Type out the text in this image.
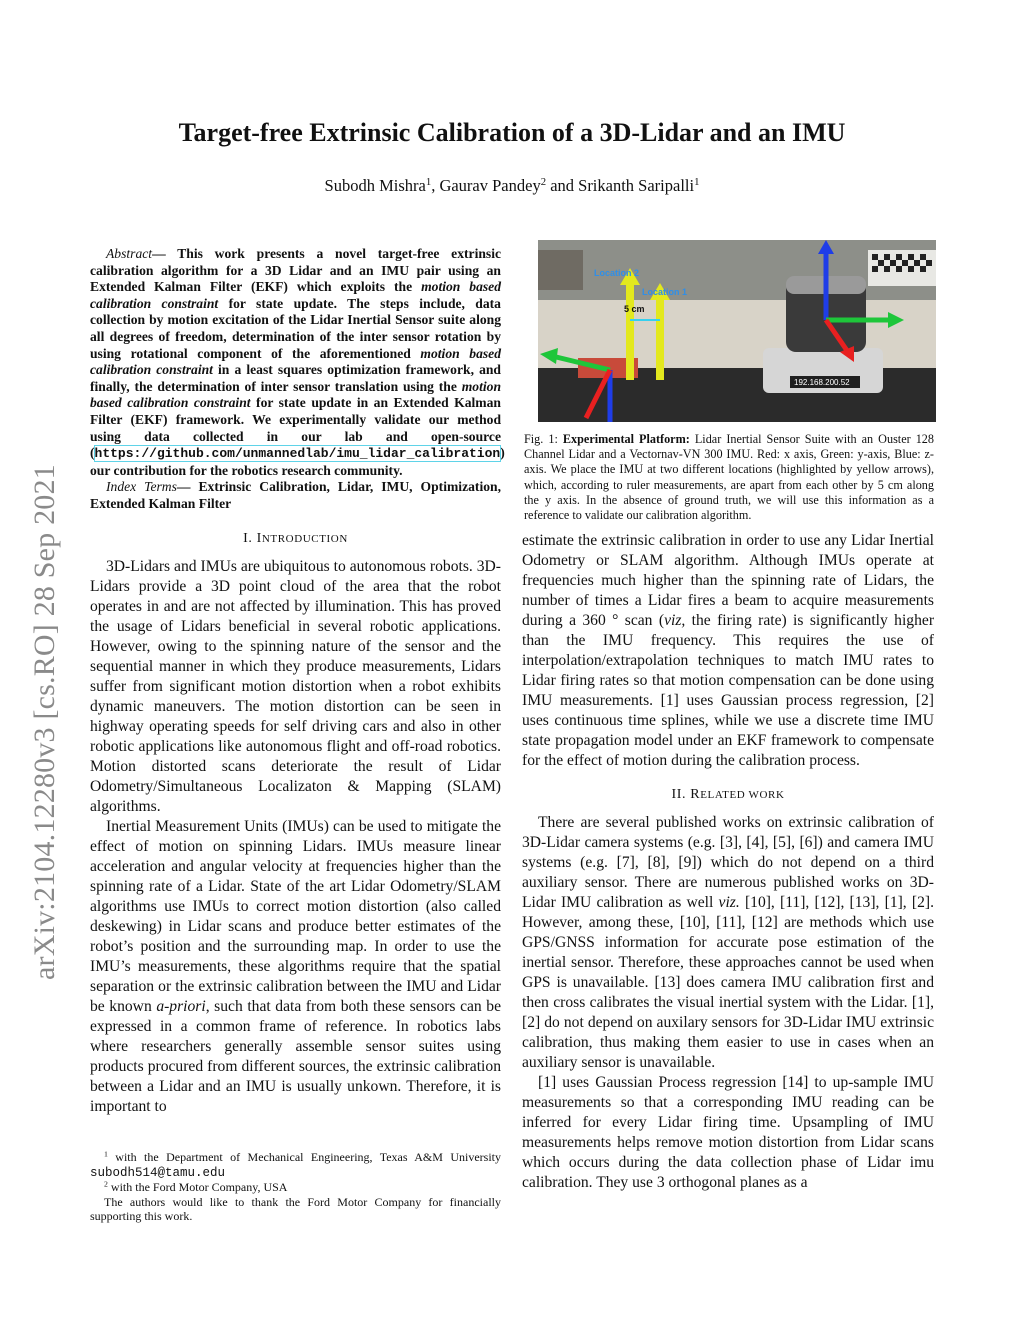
arXiv:2104.12280v3 [cs.RO] 28 Sep 2021
Target-free Extrinsic Calibration of a 3D-Lidar and an IMU
Subodh Mishra$^1$, Gaurav Pandey$^2$ and Srikanth Saripalli$^1$

Abstract— This work presents a novel target-free extrinsic calibration algorithm for a 3D Lidar and an IMU pair using an Extended Kalman Filter (EKF) which exploits the motion based calibration constraint for state update. The steps include, data collection by motion excitation of the Lidar Inertial Sensor suite along all degrees of freedom, determination of the inter sensor rotation by using rotational component of the aforementioned motion based calibration constraint in a least squares optimization framework, and finally, the determination of inter sensor translation using the motion based calibration constraint for state update in an Extended Kalman Filter (EKF) framework. We experimentally validate our method using data collected in our lab and open-source (https://github.com/unmannedlab/imu_lidar_calibration) our contribution for the robotics research community.

Index Terms— Extrinsic Calibration, Lidar, IMU, Optimization, Extended Kalman Filter

I. INTRODUCTION

3D-Lidars and IMUs are ubiquitous to autonomous robots. 3D-Lidars provide a 3D point cloud of the area that the robot operates in and are not affected by illumination. This has proved the usage of Lidars beneficial in several robotic applications. However, owing to the spinning nature of the sensor and the sequential manner in which they produce measurements, Lidars suffer from significant motion distortion when a robot exhibits dynamic maneuvers. The motion distortion can be seen in highway operating speeds for self driving cars and also in other robotic applications like autonomous flight and off-road robotics. Motion distorted scans deteriorate the result of Lidar Odometry/Simultaneous Localizaton & Mapping (SLAM) algorithms.

Inertial Measurement Units (IMUs) can be used to mitigate the effect of motion on spinning Lidars. IMUs measure linear acceleration and angular velocity at frequencies higher than the spinning rate of a Lidar. State of the art Lidar Odometry/SLAM algorithms use IMUs to correct motion distortion (also called deskewing) in Lidar scans and produce better estimates of the robot’s position and the surrounding map. In order to use the IMU’s measurements, these algorithms require that the spatial separation or the extrinsic calibration between the IMU and Lidar be known a-priori, such that data from both these sensors can be expressed in a common frame of reference. In robotics labs where researchers generally assemble sensor suites using products procured from different sources, the extrinsic calibration between a Lidar and an IMU is usually unkown. Therefore, it is important to

$^1$ with the Department of Mechanical Engineering, Texas A&M University subodh514@tamu.edu

$^2$ with the Ford Motor Company, USA

The authors would like to thank the Ford Motor Company for financially supporting this work.

192.168.200.52
5 cm
Location 2
Location 1

Fig. 1: Experimental Platform: Lidar Inertial Sensor Suite with an Ouster 128 Channel Lidar and a Vectornav-VN 300 IMU. Red: x axis, Green: y-axis, Blue: z-axis. We place the IMU at two different locations (highlighted by yellow arrows), which, according to ruler measurements, are apart from each other by 5 cm along the y axis. In the absence of ground truth, we will use this information as a reference to validate our calibration algorithm.

estimate the extrinsic calibration in order to use any Lidar Inertial Odometry or SLAM algorithm. Although IMUs operate at frequencies much higher than the spinning rate of Lidars, the number of times a Lidar fires a beam to acquire measurements during a 360 ° scan (viz, the firing rate) is significantly higher than the IMU frequency. This requires the use of interpolation/extrapolation techniques to match IMU rates to Lidar firing rates so that motion compensation can be done using IMU measurements. [1] uses Gaussian process regression, [2] uses continuous time splines, while we use a discrete time IMU state propagation model under an EKF framework to compensate for the effect of motion during the calibration process.

II. RELATED WORK

There are several published works on extrinsic calibration of 3D-Lidar camera systems (e.g. [3], [4], [5], [6]) and camera IMU systems (e.g. [7], [8], [9]) which do not depend on a third auxiliary sensor. There are numerous published works on 3D-Lidar IMU calibration as well viz. [10], [11], [12], [13], [1], [2]. However, among these, [10], [11], [12] are methods which use GPS/GNSS information for accurate pose estimation of the inertial sensor. Therefore, these approaches cannot be used when GPS is unavailable. [13] does camera IMU calibration first and then cross calibrates the visual inertial system with the Lidar. [1], [2] do not depend on auxilary sensors for 3D-Lidar IMU extrinsic calibration, thus making them easier to use in cases when an auxiliary sensor is unavailable.

[1] uses Gaussian Process regression [14] to up-sample IMU measurements so that a corresponding IMU reading can be inferred for every Lidar firing time. Upsampling of IMU measurements helps remove motion distortion from Lidar scans which occurs during the data collection phase of Lidar imu calibration. They use 3 orthogonal planes as a
